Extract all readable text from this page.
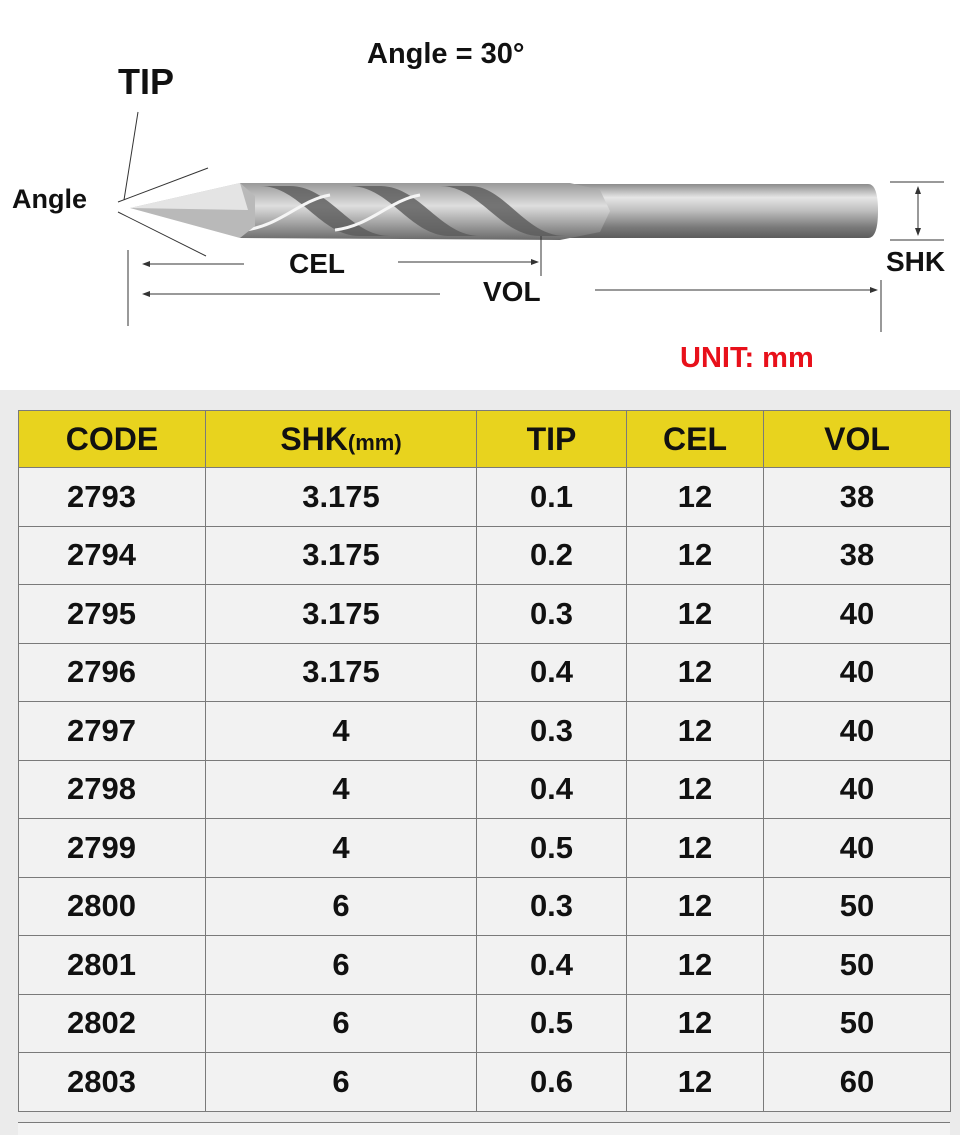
Angle = 30°
TIP
Angle
CEL
VOL
SHK
UNIT: mm
CODE	SHK(mm)	TIP	CEL	VOL
2793	3.175	0.1	12	38
2794	3.175	0.2	12	38
2795	3.175	0.3	12	40
2796	3.175	0.4	12	40
2797	4	0.3	12	40
2798	4	0.4	12	40
2799	4	0.5	12	40
2800	6	0.3	12	50
2801	6	0.4	12	50
2802	6	0.5	12	50
2803	6	0.6	12	60
